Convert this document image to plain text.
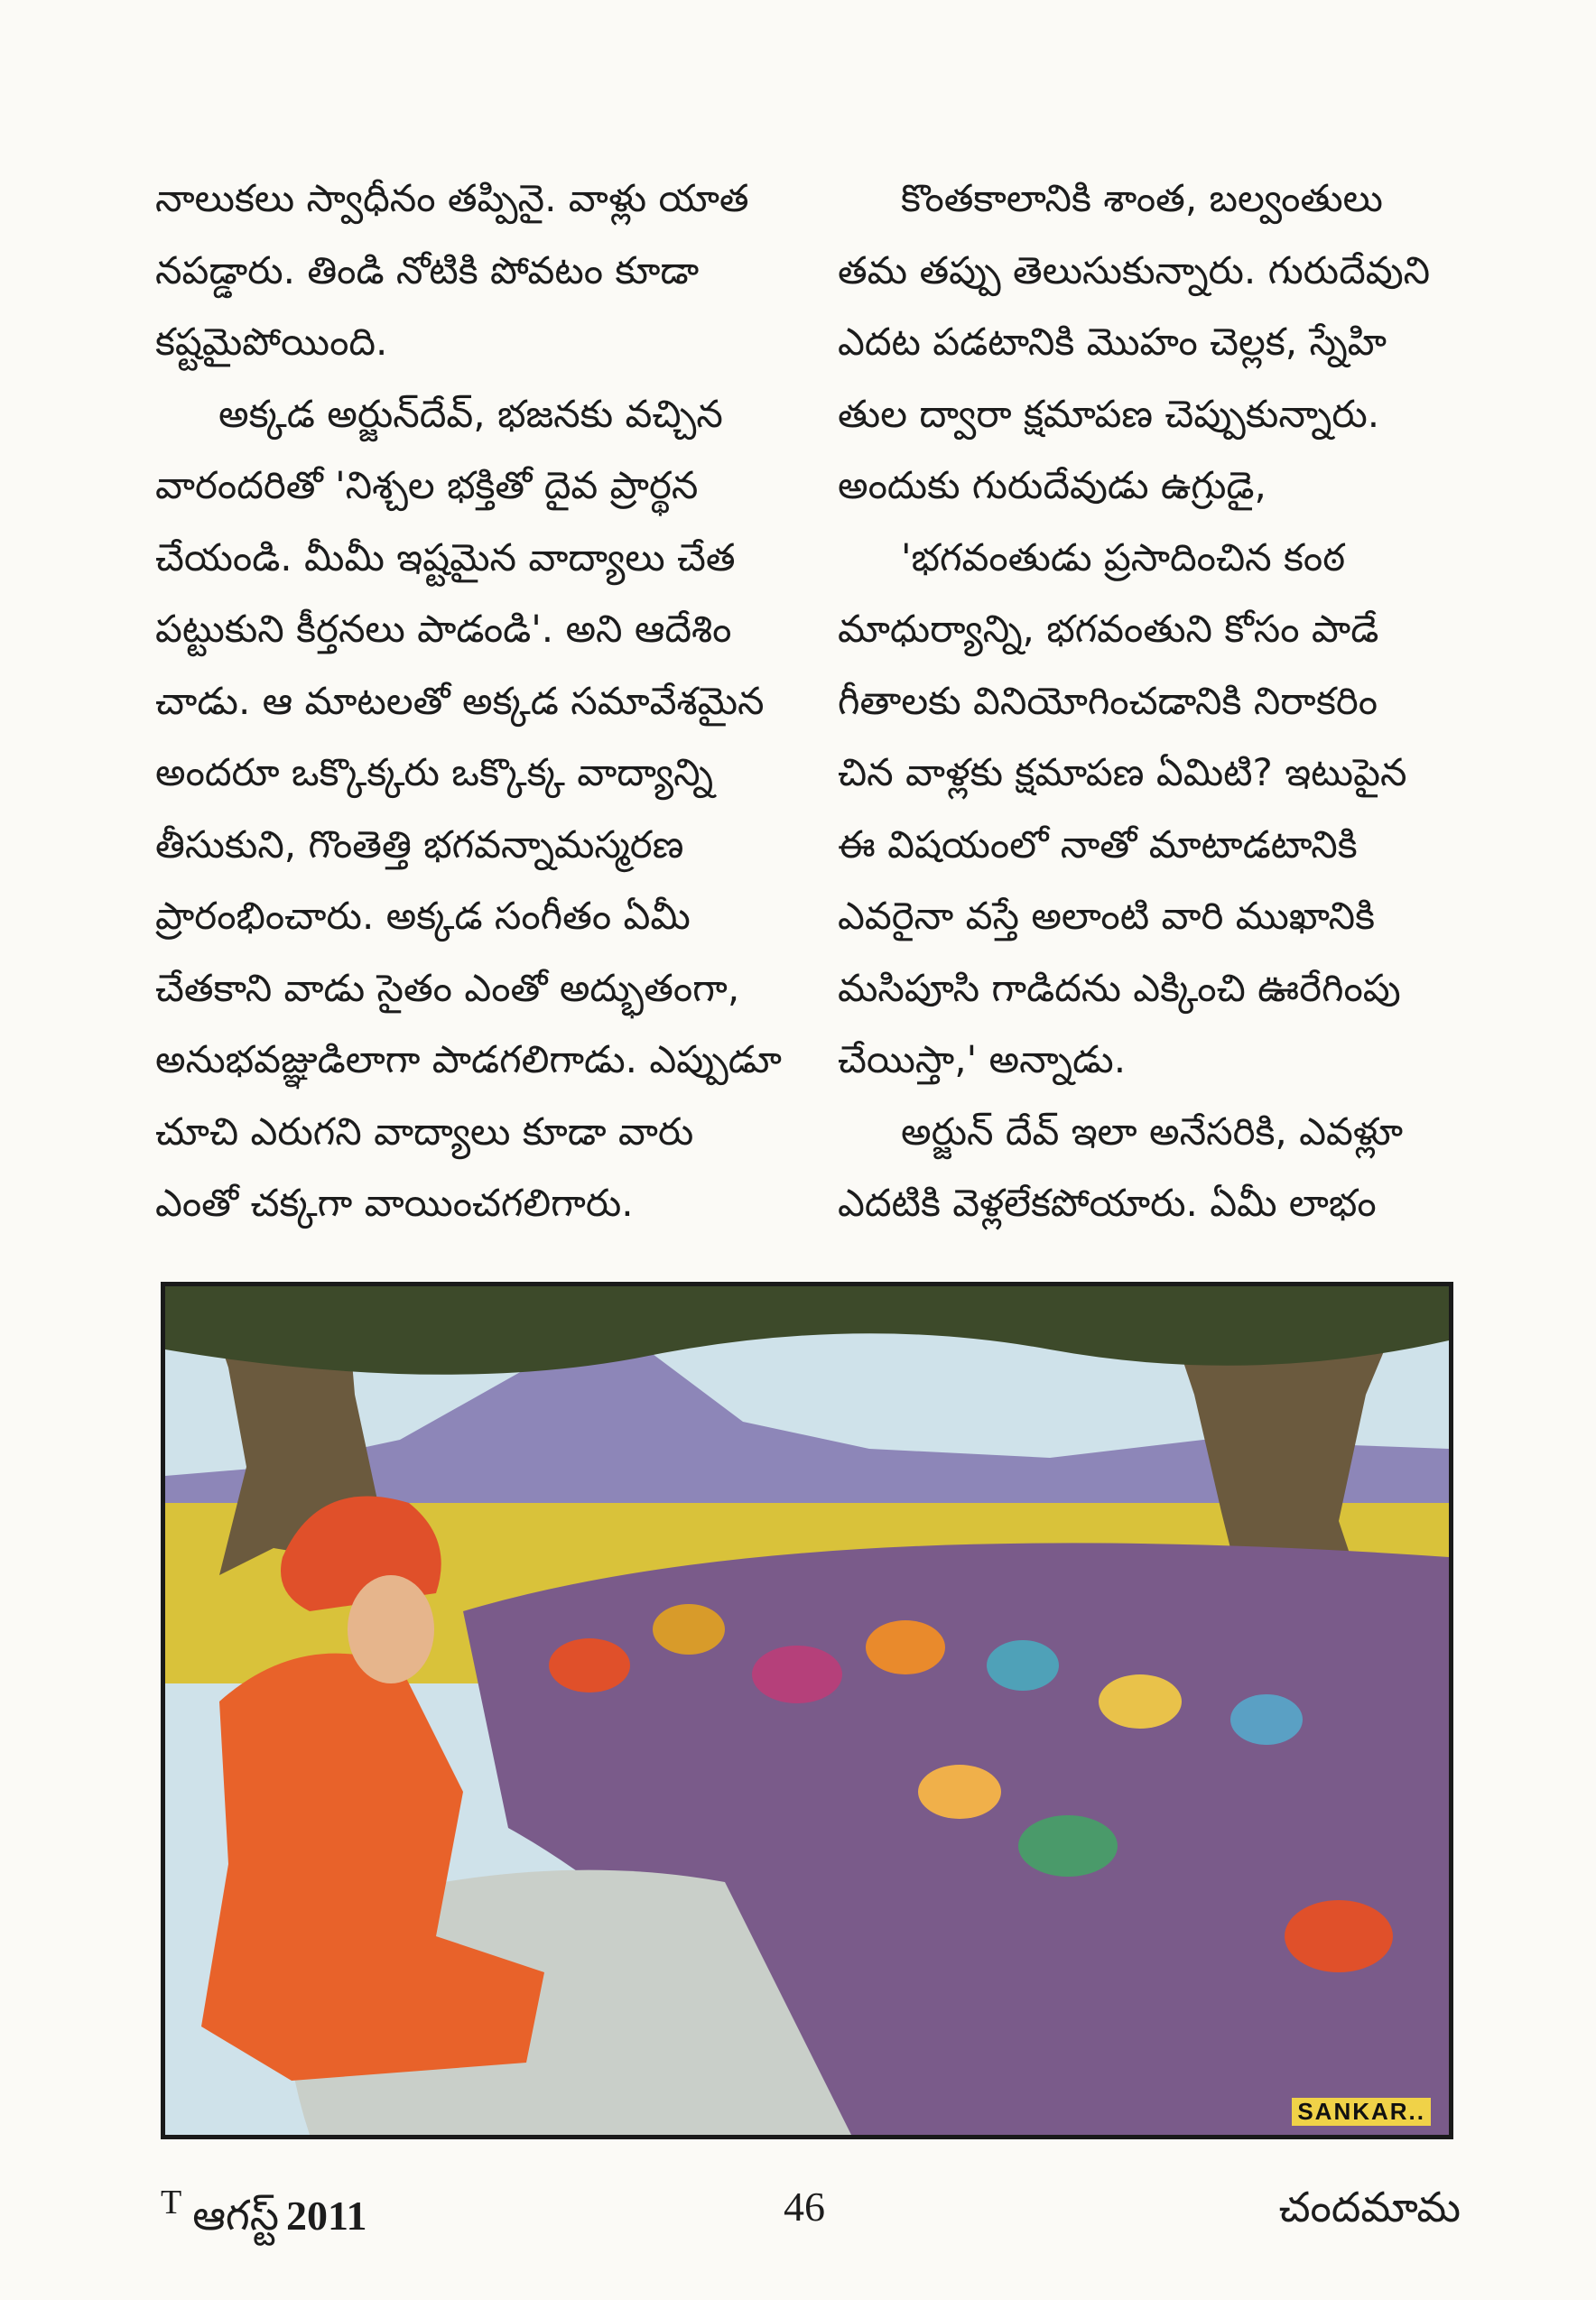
నాలుకలు స్వాధీనం తప్పినై. వాళ్లు యాత
నపడ్డారు. తిండి నోటికి పోవటం కూడా
కష్టమైపోయింది.
అక్కడ అర్జున్‌దేవ్, భజనకు వచ్చిన
వారందరితో 'నిశ్చల భక్తితో దైవ ప్రార్థన
చేయండి. మీమీ ఇష్టమైన వాద్యాలు చేత
పట్టుకుని కీర్తనలు పాడండి'. అని ఆదేశిం
చాడు. ఆ మాటలతో అక్కడ సమావేశమైన
అందరూ ఒక్కొక్కరు ఒక్కొక్క వాద్యాన్ని
తీసుకుని, గొంతెత్తి భగవన్నామస్మరణ
ప్రారంభించారు. అక్కడ సంగీతం ఏమీ
చేతకాని వాడు సైతం ఎంతో అద్భుతంగా,
అనుభవజ్ఞుడిలాగా పాడగలిగాడు. ఎప్పుడూ
చూచి ఎరుగని వాద్యాలు కూడా వారు
ఎంతో చక్కగా వాయించగలిగారు.
కొంతకాలానికి శాంత, బల్వంతులు
తమ తప్పు తెలుసుకున్నారు. గురుదేవుని
ఎదట పడటానికి మొహం చెల్లక, స్నేహి
తుల ద్వారా క్షమాపణ చెప్పుకున్నారు.
అందుకు గురుదేవుడు ఉగ్రుడై,
'భగవంతుడు ప్రసాదించిన కంఠ
మాధుర్యాన్ని, భగవంతుని కోసం పాడే
గీతాలకు వినియోగించడానికి నిరాకరిం
చిన వాళ్లకు క్షమాపణ ఏమిటి? ఇటుపైన
ఈ విషయంలో నాతో మాటాడటానికి
ఎవరైనా వస్తే అలాంటి వారి ముఖానికి
మసిపూసి గాడిదను ఎక్కించి ఊరేగింపు
చేయిస్తా,' అన్నాడు.
అర్జున్ దేవ్ ఇలా అనేసరికి, ఎవళ్లూ
ఎదటికి వెళ్లలేకపోయారు. ఏమీ లాభం
SANKAR..
$^T$ ఆగస్ట్ 2011	46	చందమామ
